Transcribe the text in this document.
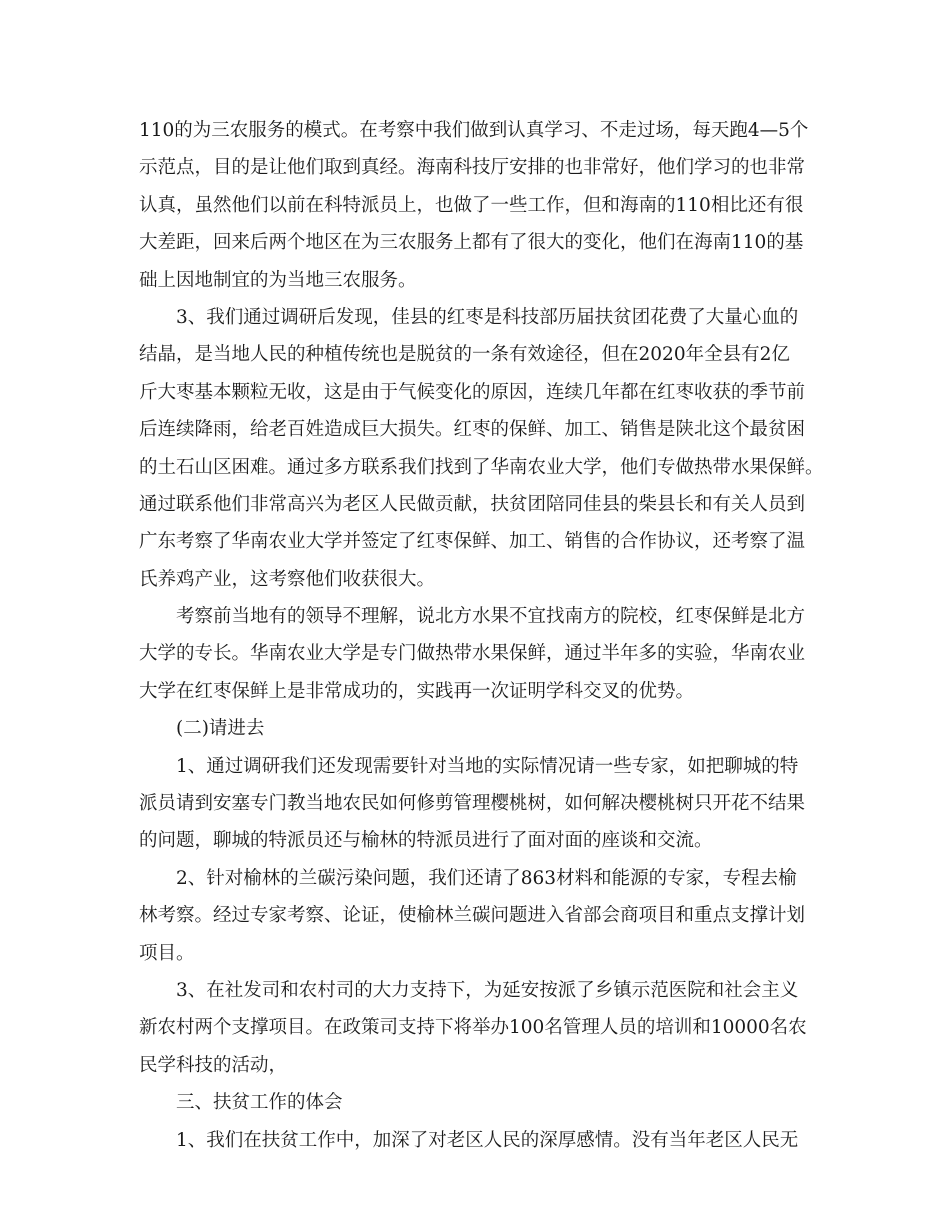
110的为三农服务的模式。在考察中我们做到认真学习、不走过场，每天跑4—5个
示范点，目的是让他们取到真经。海南科技厅安排的也非常好，他们学习的也非常
认真，虽然他们以前在科特派员上，也做了一些工作，但和海南的110相比还有很
大差距，回来后两个地区在为三农服务上都有了很大的变化，他们在海南110的基
础上因地制宜的为当地三农服务。
3、我们通过调研后发现，佳县的红枣是科技部历届扶贫团花费了大量心血的
结晶，是当地人民的种植传统也是脱贫的一条有效途径，但在2020年全县有2亿
斤大枣基本颗粒无收，这是由于气候变化的原因，连续几年都在红枣收获的季节前
后连续降雨，给老百姓造成巨大损失。红枣的保鲜、加工、销售是陕北这个最贫困
的土石山区困难。通过多方联系我们找到了华南农业大学，他们专做热带水果保鲜。
通过联系他们非常高兴为老区人民做贡献，扶贫团陪同佳县的柴县长和有关人员到
广东考察了华南农业大学并签定了红枣保鲜、加工、销售的合作协议，还考察了温
氏养鸡产业，这考察他们收获很大。
考察前当地有的领导不理解，说北方水果不宜找南方的院校，红枣保鲜是北方
大学的专长。华南农业大学是专门做热带水果保鲜，通过半年多的实验，华南农业
大学在红枣保鲜上是非常成功的，实践再一次证明学科交叉的优势。
(二)请进去
1、通过调研我们还发现需要针对当地的实际情况请一些专家，如把聊城的特
派员请到安塞专门教当地农民如何修剪管理樱桃树，如何解决樱桃树只开花不结果
的问题，聊城的特派员还与榆林的特派员进行了面对面的座谈和交流。
2、针对榆林的兰碳污染问题，我们还请了863材料和能源的专家，专程去榆
林考察。经过专家考察、论证，使榆林兰碳问题进入省部会商项目和重点支撑计划
项目。
3、在社发司和农村司的大力支持下，为延安按派了乡镇示范医院和社会主义
新农村两个支撑项目。在政策司支持下将举办100名管理人员的培训和10000名农
民学科技的活动，
三、扶贫工作的体会
1、我们在扶贫工作中，加深了对老区人民的深厚感情。没有当年老区人民无
